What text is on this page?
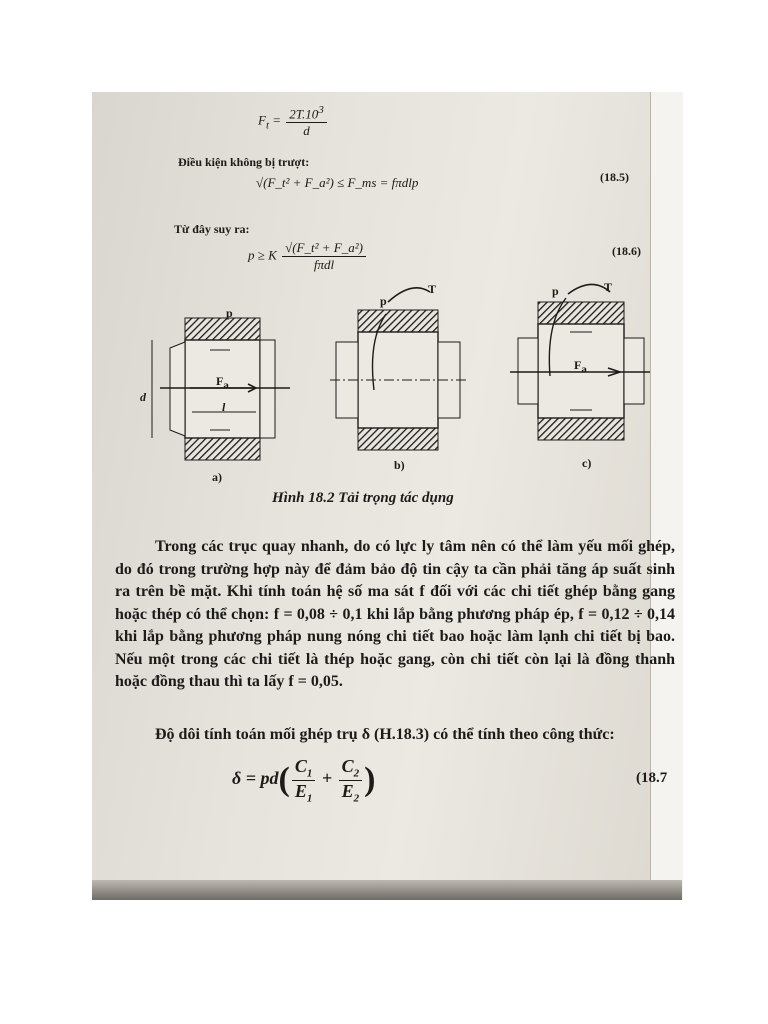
$F_t = \frac{2T.10^3}{d}$
Điều kiện không bị trượt:
√(F_t² + F_a²) ≤ F_ms = fπdlp	(18.5)
Từ đây suy ra:
p ≥ K $\frac{\text{√(F\_t² + F\_a²)}}{\text{fπdl}}$	(18.6)
p
p
T	p	T
$F_a$
$F_a$
d
l
a)
b)	c)
Hình 18.2 Tải trọng tác dụng

Trong các trục quay nhanh, do có lực ly tâm nên có thể làm yếu mối ghép, do đó trong trường hợp này để đảm bảo độ tin cậy ta cần phải tăng áp suất sinh ra trên bề mặt. Khi tính toán hệ số ma sát f đối với các chi tiết ghép bằng gang hoặc thép có thể chọn: f = 0,08 ÷ 0,1 khi lắp bằng phương pháp ép, f = 0,12 ÷ 0,14 khi lắp bằng phương pháp nung nóng chi tiết bao hoặc làm lạnh chi tiết bị bao. Nếu một trong các chi tiết là thép hoặc gang, còn chi tiết còn lại là đồng thanh hoặc đồng thau thì ta lấy f = 0,05.

Độ dôi tính toán mối ghép trụ δ (H.18.3) có thể tính theo công thức:

$\delta = pd( \frac{C_1}{E_1} + \frac{C_2}{E_2}$ )	(18.7
